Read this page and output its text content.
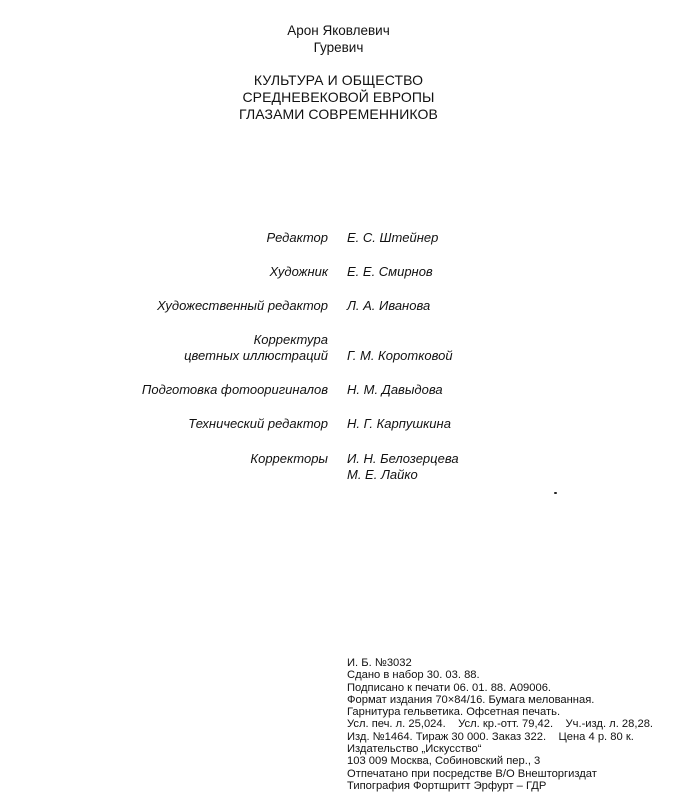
Арон Яковлевич
Гуревич
КУЛЬТУРА И ОБЩЕСТВО
СРЕДНЕВЕКОВОЙ ЕВРОПЫ
ГЛАЗАМИ СОВРЕМЕННИКОВ
Редактор Е. С. Штейнер
Художник Е. Е. Смирнов
Художественный редактор Л. А. Иванова
Корректура
цветных иллюстраций Г. М. Коротковой
Подготовка фотооригиналов Н. М. Давыдова
Технический редактор Н. Г. Карпушкина
Корректоры И. Н. Белозерцева
М. Е. Лайко
И. Б. №3032
Сдано в набор 30. 03. 88.
Подписано к печати 06. 01. 88. А09006.
Формат издания 70×84/16. Бумага мелованная.
Гарнитура гельветика. Офсетная печать.
Усл. печ. л. 25,024.    Усл. кр.-отт. 79,42.    Уч.-изд. л. 28,28.
Изд. №1464. Тираж 30 000. Заказ 322.    Цена 4 р. 80 к.
Издательство „Искусство“
103 009 Москва, Собиновский пер., 3
Отпечатано при посредстве В/О Внешторгиздат
Типография Фортшритт Эрфурт – ГДР
